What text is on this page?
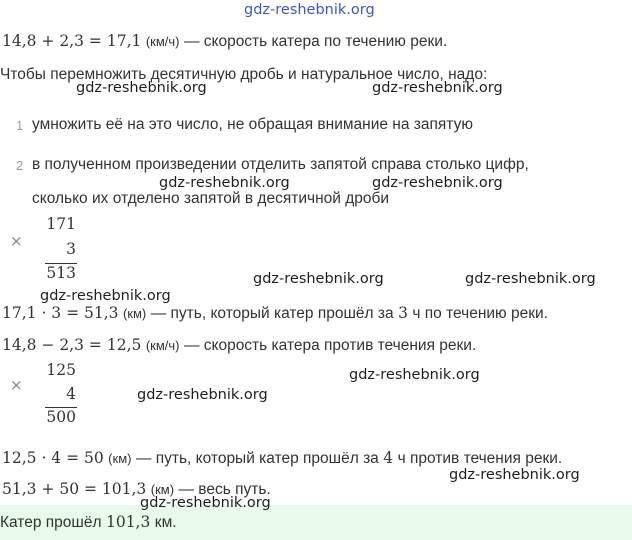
gdz-reshebnik.org
14,8 + 2,3 = 17,1 (км/ч) — скорость катера по течению реки.
Чтобы перемножить десятичную дробь и натуральное число, надо:
gdz-reshebnik.org	gdz-reshebnik.org
1 умножить её на это число, не обращая внимание на запятую
2 в полученном произведении отделить запятой справа столько цифр,
сколько их отделено запятой в десятичной дроби
gdz-reshebnik.org	gdz-reshebnik.org
×
171
3
513	gdz-reshebnik.org	gdz-reshebnik.org
gdz-reshebnik.org
17,1 · 3 = 51,3 (км) — путь, который катер прошёл за 3 ч по течению реки.
14,8 − 2,3 = 12,5 (км/ч) — скорость катера против течения реки.
×
125
4
500
gdz-reshebnik.org
gdz-reshebnik.org
12,5 · 4 = 50 (км) — путь, который катер прошёл за 4 ч против течения реки.
gdz-reshebnik.org
51,3 + 50 = 101,3 (км) — весь путь.
gdz-reshebnik.org
Катер прошёл 101,3 км.
